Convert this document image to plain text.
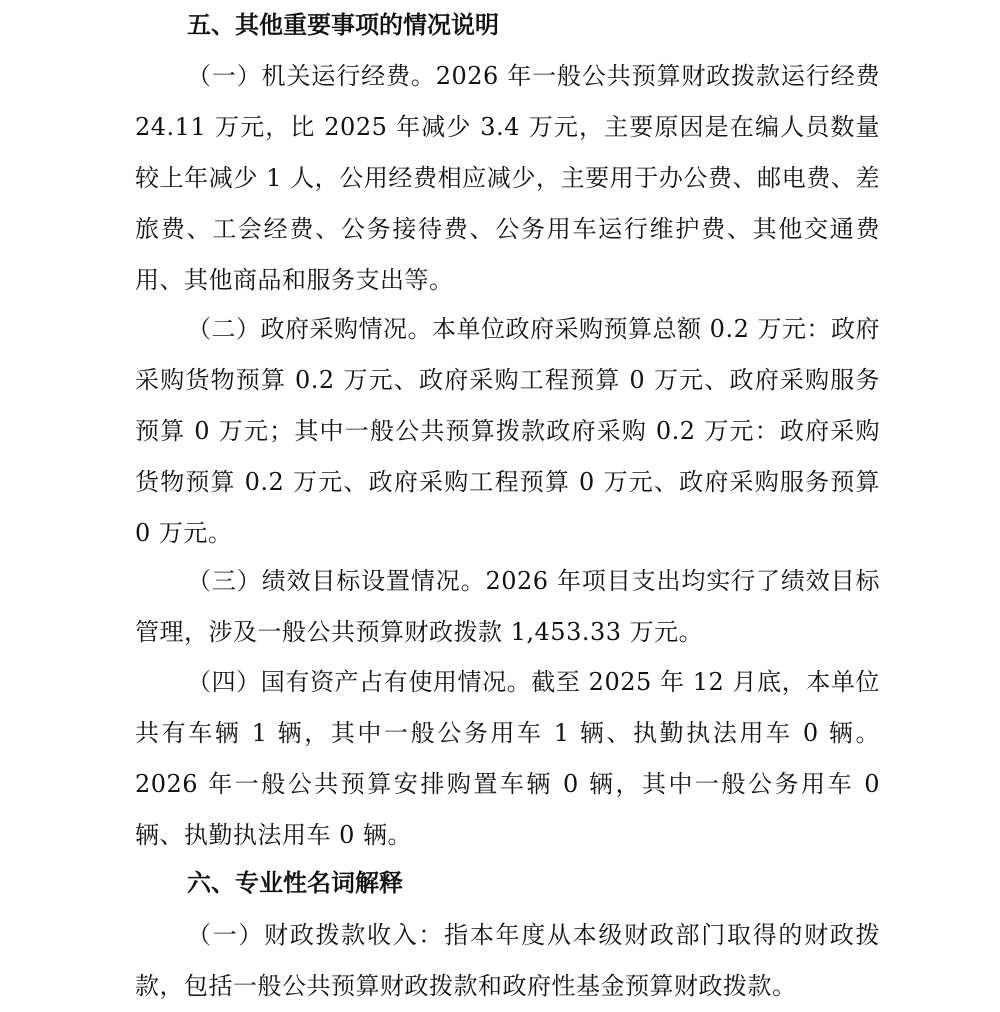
五、其他重要事项的情况说明

（一）机关运行经费。2026 年一般公共预算财政拨款运行经费 24.11 万元，比 2025 年减少 3.4 万元，主要原因是在编人员数量较上年减少 1 人，公用经费相应减少，主要用于办公费、邮电费、差旅费、工会经费、公务接待费、公务用车运行维护费、其他交通费用、其他商品和服务支出等。

（二）政府采购情况。本单位政府采购预算总额 0.2 万元：政府采购货物预算 0.2 万元、政府采购工程预算 0 万元、政府采购服务预算 0 万元；其中一般公共预算拨款政府采购 0.2 万元：政府采购货物预算 0.2 万元、政府采购工程预算 0 万元、政府采购服务预算 0 万元。

（三）绩效目标设置情况。2026 年项目支出均实行了绩效目标管理，涉及一般公共预算财政拨款 1,453.33 万元。

（四）国有资产占有使用情况。截至 2025 年 12 月底，本单位共有车辆 1 辆，其中一般公务用车 1 辆、执勤执法用车 0 辆。2026 年一般公共预算安排购置车辆 0 辆，其中一般公务用车 0 辆、执勤执法用车 0 辆。

六、专业性名词解释

（一）财政拨款收入：指本年度从本级财政部门取得的财政拨款，包括一般公共预算财政拨款和政府性基金预算财政拨款。
